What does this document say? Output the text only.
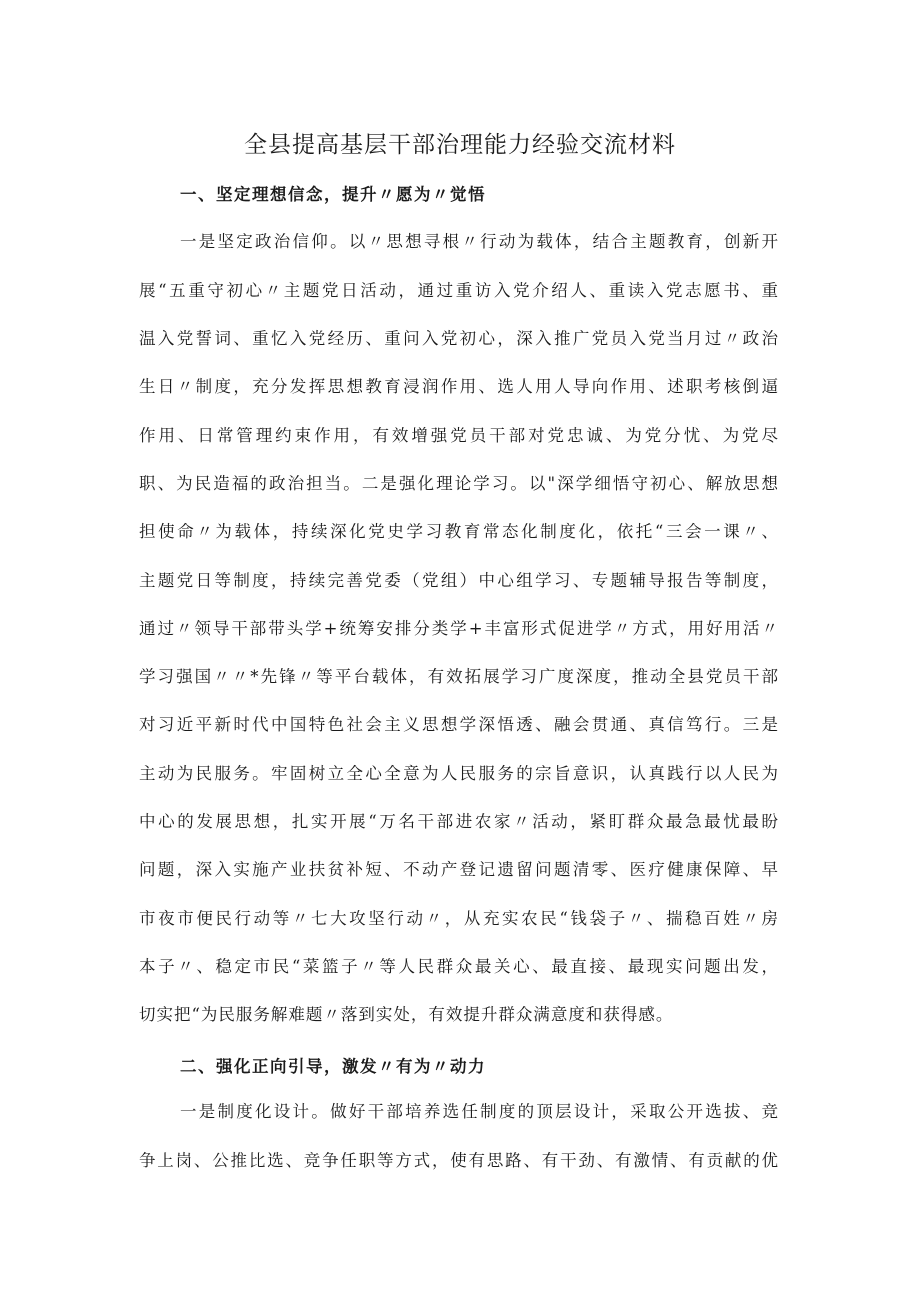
全县提高基层干部治理能力经验交流材料
一、坚定理想信念，提升〃愿为〃觉悟
一是坚定政治信仰。以〃思想寻根〃行动为载体，结合主题教育，创新开
展“五重守初心〃主题党日活动，通过重访入党介绍人、重读入党志愿书、重
温入党誓词、重忆入党经历、重问入党初心，深入推广党员入党当月过〃政治
生日〃制度，充分发挥思想教育浸润作用、选人用人导向作用、述职考核倒逼
作用、日常管理约束作用，有效增强党员干部对党忠诚、为党分忧、为党尽
职、为民造福的政治担当。二是强化理论学习。以"深学细悟守初心、解放思想
担使命〃为载体，持续深化党史学习教育常态化制度化，依托“三会一课〃、
主题党日等制度，持续完善党委（党组）中心组学习、专题辅导报告等制度，
通过〃领导干部带头学+统筹安排分类学+丰富形式促进学〃方式，用好用活〃
学习强国〃〃*先锋〃等平台载体，有效拓展学习广度深度，推动全县党员干部
对习近平新时代中国特色社会主义思想学深悟透、融会贯通、真信笃行。三是
主动为民服务。牢固树立全心全意为人民服务的宗旨意识，认真践行以人民为
中心的发展思想，扎实开展“万名干部进农家〃活动，紧盯群众最急最忧最盼
问题，深入实施产业扶贫补短、不动产登记遗留问题清零、医疗健康保障、早
市夜市便民行动等〃七大攻坚行动〃，从充实农民“钱袋子〃、揣稳百姓〃房
本子〃、稳定市民“菜篮子〃等人民群众最关心、最直接、最现实问题出发，
切实把“为民服务解难题〃落到实处，有效提升群众满意度和获得感。
二、强化正向引导，激发〃有为〃动力
一是制度化设计。做好干部培养选任制度的顶层设计，采取公开选拔、竞
争上岗、公推比选、竞争任职等方式，使有思路、有干劲、有激情、有贡献的优
